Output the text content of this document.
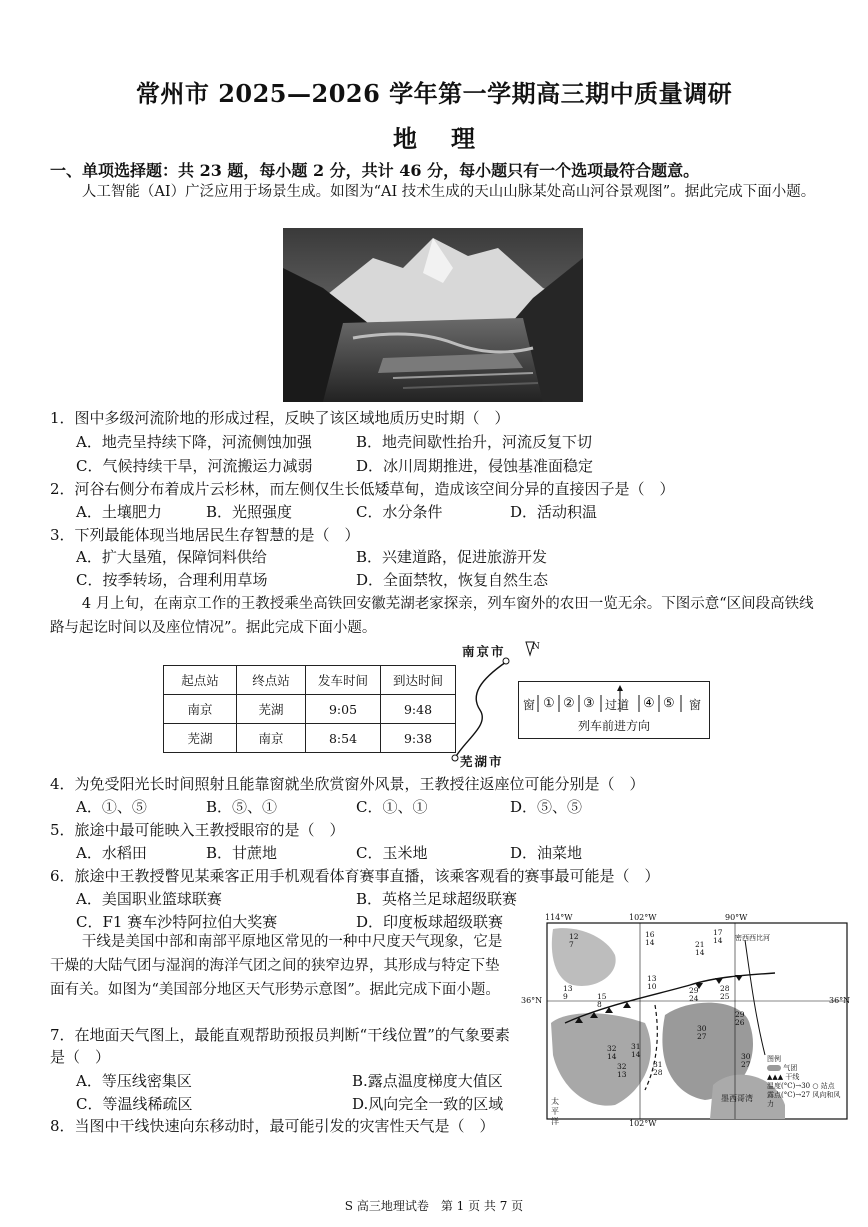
常州市 2025—2026 学年第一学期高三期中质量调研
地理
一、单项选择题：共 23 题，每小题 2 分，共计 46 分，每小题只有一个选项最符合题意。
人工智能（AI）广泛应用于场景生成。如图为“AI 技术生成的天山山脉某处高山河谷景观图”。据此完成下面小题。
1．图中多级河流阶地的形成过程，反映了该区域地质历史时期（　）
A．地壳呈持续下降，河流侧蚀加强	B．地壳间歇性抬升，河流反复下切
C．气候持续干旱，河流搬运力减弱	D．冰川周期推进，侵蚀基准面稳定
2．河谷右侧分布着成片云杉林，而左侧仅生长低矮草甸，造成该空间分异的直接因子是（　）
A．土壤肥力	B．光照强度	C．水分条件	D．活动积温
3．下列最能体现当地居民生存智慧的是（　）
A．扩大垦殖，保障饲料供给	B．兴建道路，促进旅游开发
C．按季转场，合理利用草场	D．全面禁牧，恢复自然生态
4 月上旬，在南京工作的王教授乘坐高铁回安徽芜湖老家探亲，列车窗外的农田一览无余。下图示意“区间段高铁线路与起讫时间以及座位情况”。据此完成下面小题。
起点站	终点站	发车时间	到达时间
南京	芜湖	9:05	9:48
芜湖	南京	8:54	9:38
南京市	N
芜湖市
窗 ① ② ③ 过道 ④ ⑤ 窗
列车前进方向
4．为免受阳光长时间照射且能靠窗就坐欣赏窗外风景，王教授往返座位可能分别是（　）
A．①、⑤	B．⑤、①	C．①、①	D．⑤、⑤
5．旅途中最可能映入王教授眼帘的是（　）
A．水稻田	B．甘蔗地	C．玉米地	D．油菜地
6．旅途中王教授瞥见某乘客正用手机观看体育赛事直播，该乘客观看的赛事最可能是（　）
A．美国职业篮球联赛	B．英格兰足球超级联赛
C．F1 赛车沙特阿拉伯大奖赛	D．印度板球超级联赛
干线是美国中部和南部平原地区常见的一种中尺度天气现象，它是干燥的大陆气团与湿润的海洋气团之间的狭窄边界，其形成与特定下垫面有关。如图为“美国部分地区天气形势示意图”。据此完成下面小题。
7．在地面天气图上，最能直观帮助预报员判断“干线位置”的气象要素是（　）
A．等压线密集区	B.露点温度梯度大值区
C．等温线稀疏区	D.风向完全一致的区域
8．当图中干线快速向东移动时，最可能引发的灾害性天气是（　）
114°W	102°W	90°W
102°W
36°N	36°N
密西西比河
墨西哥湾
太平洋
12
7
16
14
17
14
21
14
13
10
13
9	15
8
29
24
28
25
30
27
32
14
31
14
32
13
31
28
30
27
29
26
图例
气团
▲▲▲ 干线
温度(°C)→30 ○ 站点
露点(°C)→27 风向和风力
S 高三地理试卷　第 1 页 共 7 页
